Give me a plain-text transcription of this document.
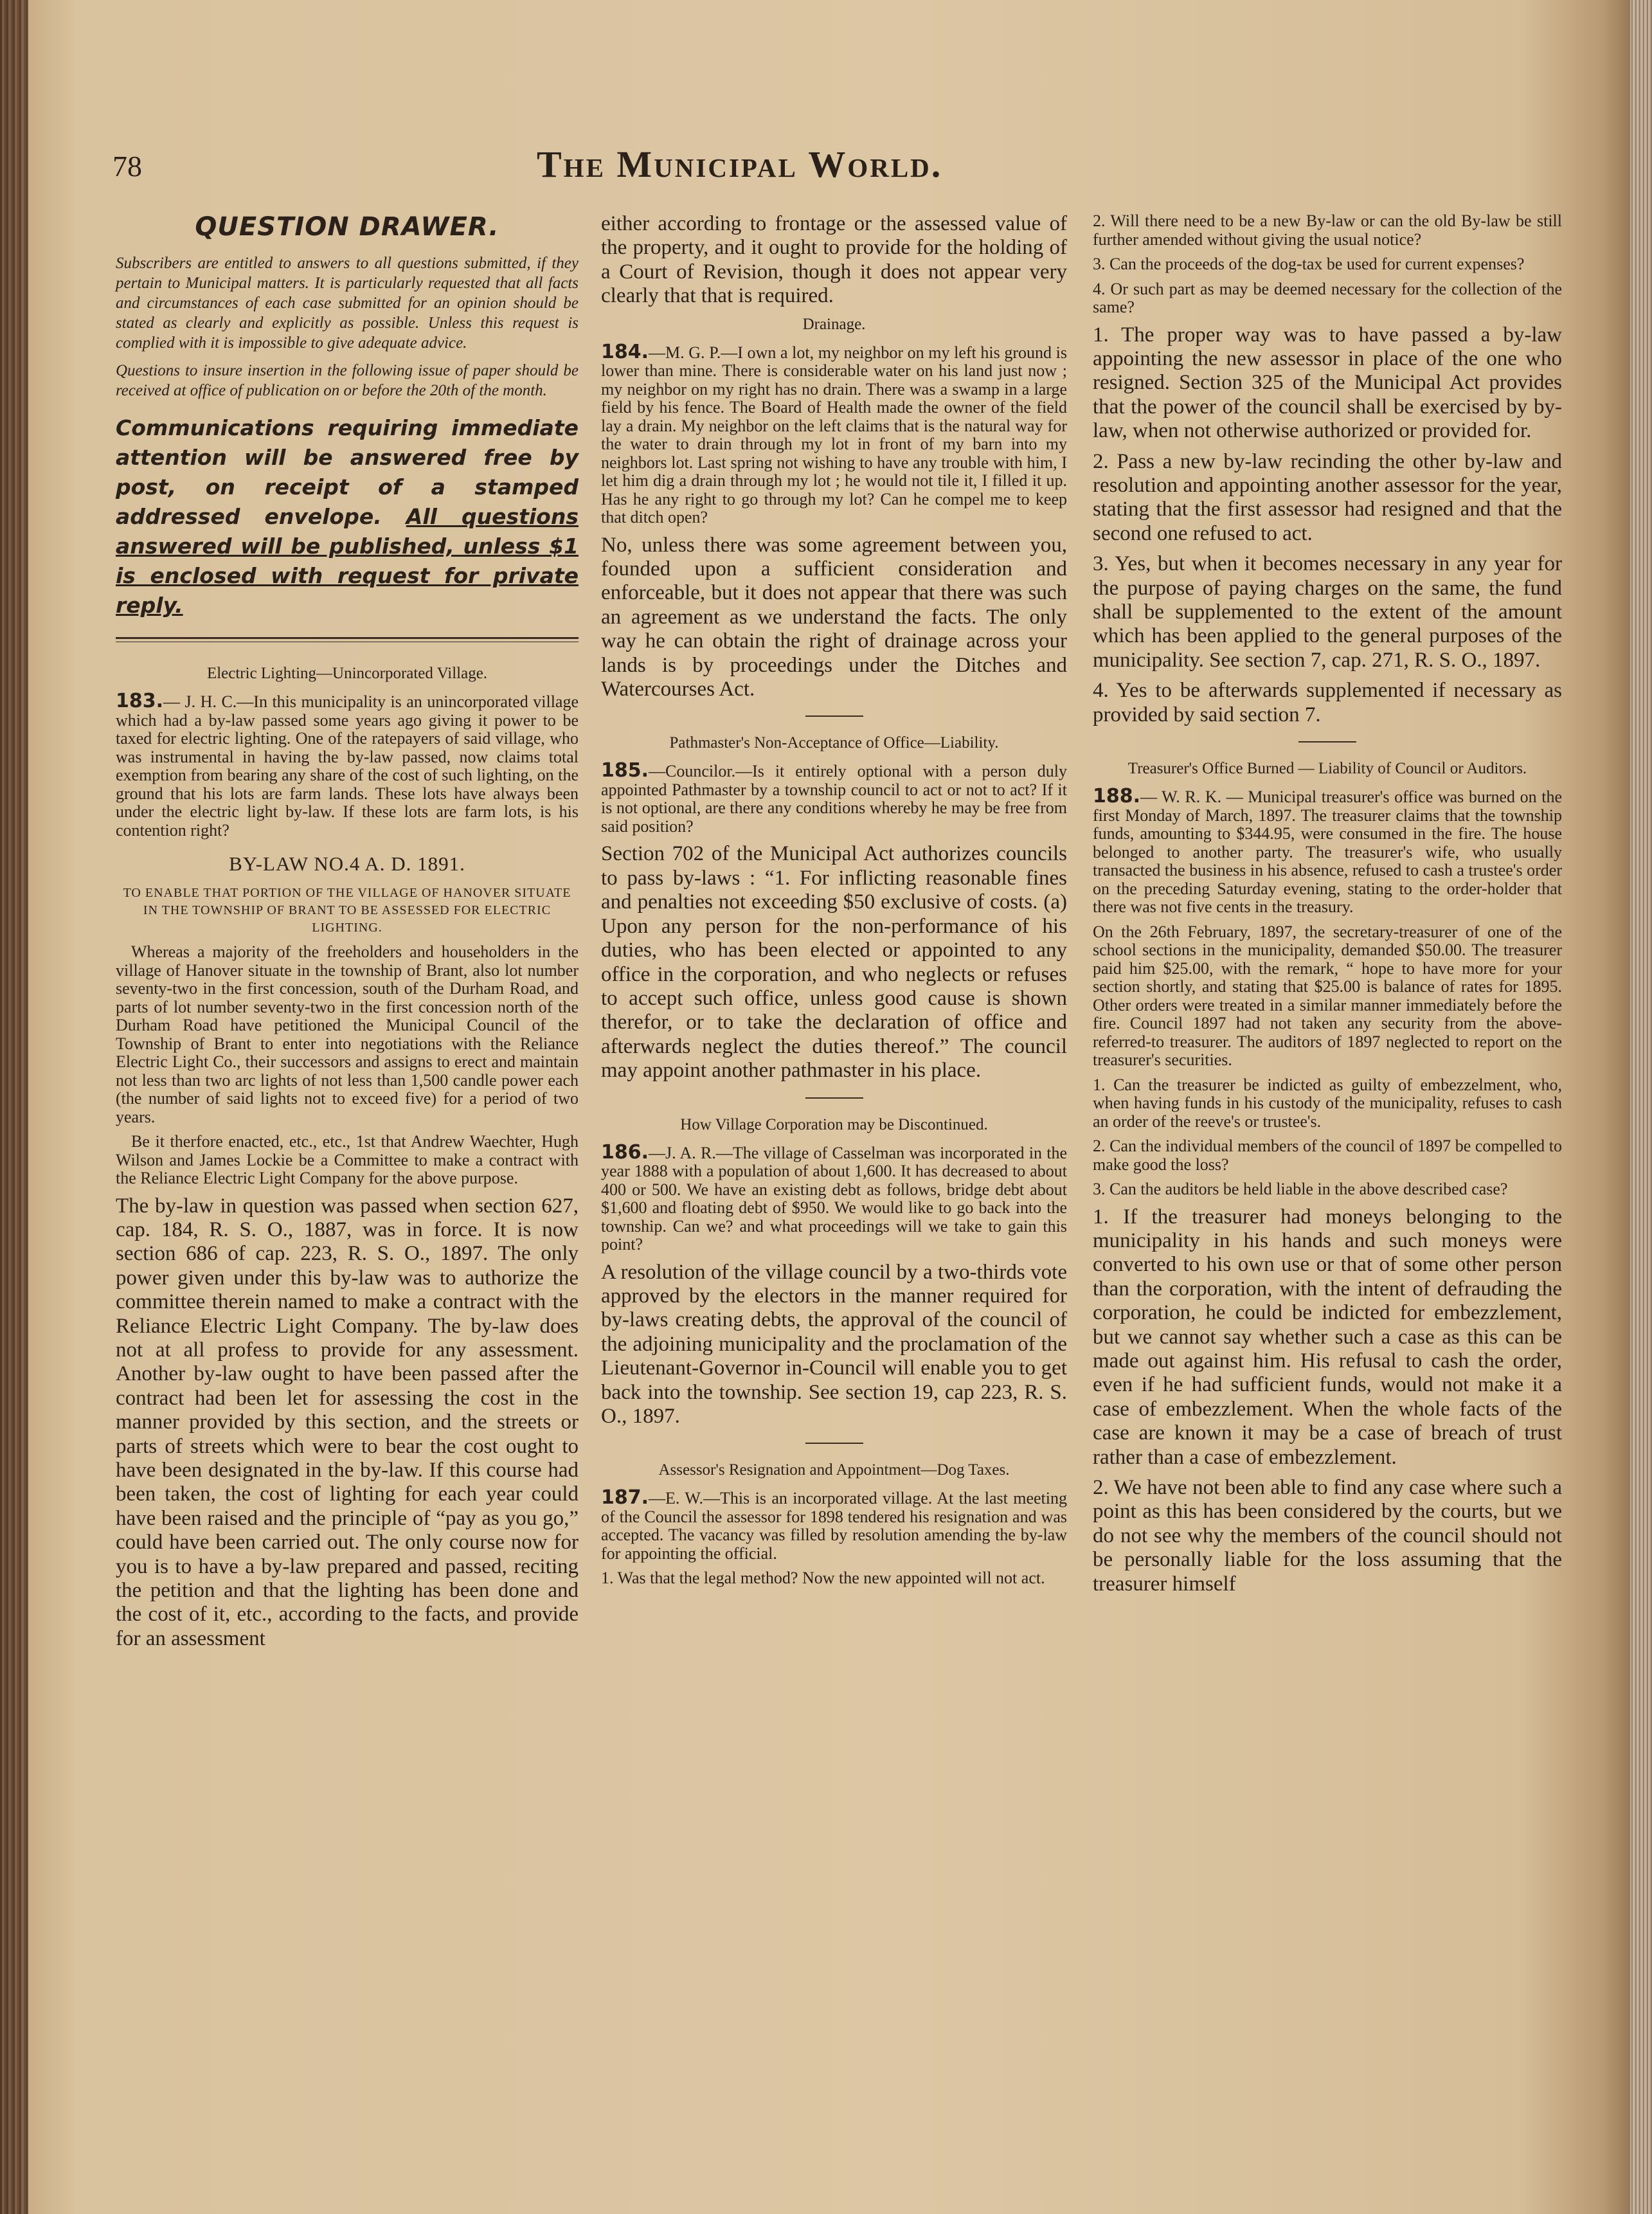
78	The Municipal World.
QUESTION DRAWER.

Subscribers are entitled to answers to all questions submitted, if they pertain to Municipal matters. It is particularly requested that all facts and circumstances of each case submitted for an opinion should be stated as clearly and explicitly as possible. Unless this request is complied with it is impossible to give adequate advice.

Questions to insure insertion in the following issue of paper should be received at office of publication on or before the 20th of the month.

Communications requiring immediate attention will be answered free by post, on receipt of a stamped addressed envelope. All questions answered will be published, unless $1 is enclosed with request for private reply.
Electric Lighting—Unincorporated Village.

183.— J. H. C.—In this municipality is an unincorporated village which had a by-law passed some years ago giving it power to be taxed for electric lighting. One of the ratepayers of said village, who was instrumental in having the by-law passed, now claims total exemption from bearing any share of the cost of such lighting, on the ground that his lots are farm lands. These lots have always been under the electric light by-law. If these lots are farm lots, is his contention right?

BY-LAW NO.4 A. D. 1891.
TO ENABLE THAT PORTION OF THE VILLAGE OF HANOVER SITUATE IN THE TOWNSHIP OF BRANT TO BE ASSESSED FOR ELECTRIC LIGHTING.

Whereas a majority of the freeholders and householders in the village of Hanover situate in the township of Brant, also lot number seventy-two in the first concession, south of the Durham Road, and parts of lot number seventy-two in the first concession north of the Durham Road have petitioned the Municipal Council of the Township of Brant to enter into negotiations with the Reliance Electric Light Co., their successors and assigns to erect and maintain not less than two arc lights of not less than 1,500 candle power each (the number of said lights not to exceed five) for a period of two years.

Be it therfore enacted, etc., etc., 1st that Andrew Waechter, Hugh Wilson and James Lockie be a Committee to make a contract with the Reliance Electric Light Company for the above purpose.

The by-law in question was passed when section 627, cap. 184, R. S. O., 1887, was in force. It is now section 686 of cap. 223, R. S. O., 1897. The only power given under this by-law was to authorize the committee therein named to make a contract with the Reliance Electric Light Company. The by-law does not at all profess to provide for any assessment. Another by-law ought to have been passed after the contract had been let for assessing the cost in the manner provided by this section, and the streets or parts of streets which were to bear the cost ought to have been designated in the by-law. If this course had been taken, the cost of lighting for each year could have been raised and the principle of “pay as you go,” could have been carried out. The only course now for you is to have a by-law prepared and passed, reciting the petition and that the lighting has been done and the cost of it, etc., according to the facts, and provide for an assessment

either according to frontage or the assessed value of the property, and it ought to provide for the holding of a Court of Revision, though it does not appear very clearly that that is required.

Drainage.

184.—M. G. P.—I own a lot, my neighbor on my left his ground is lower than mine. There is considerable water on his land just now ; my neighbor on my right has no drain. There was a swamp in a large field by his fence. The Board of Health made the owner of the field lay a drain. My neighbor on the left claims that is the natural way for the water to drain through my lot in front of my barn into my neighbors lot. Last spring not wishing to have any trouble with him, I let him dig a drain through my lot ; he would not tile it, I filled it up. Has he any right to go through my lot? Can he compel me to keep that ditch open?

No, unless there was some agreement between you, founded upon a sufficient consideration and enforceable, but it does not appear that there was such an agreement as we understand the facts. The only way he can obtain the right of drainage across your lands is by proceedings under the Ditches and Watercourses Act.

Pathmaster's Non-Acceptance of Office—Liability.

185.—Councilor.—Is it entirely optional with a person duly appointed Pathmaster by a township council to act or not to act? If it is not optional, are there any conditions whereby he may be free from said position?

Section 702 of the Municipal Act authorizes councils to pass by-laws : “1. For inflicting reasonable fines and penalties not exceeding $50 exclusive of costs. (a) Upon any person for the non-performance of his duties, who has been elected or appointed to any office in the corporation, and who neglects or refuses to accept such office, unless good cause is shown therefor, or to take the declaration of office and afterwards neglect the duties thereof.” The council may appoint another pathmaster in his place.

How Village Corporation may be Discontinued.

186.—J. A. R.—The village of Casselman was incorporated in the year 1888 with a population of about 1,600. It has decreased to about 400 or 500. We have an existing debt as follows, bridge debt about $1,600 and floating debt of $950. We would like to go back into the township. Can we? and what proceedings will we take to gain this point?

A resolution of the village council by a two-thirds vote approved by the electors in the manner required for by-laws creating debts, the approval of the council of the adjoining municipality and the proclamation of the Lieutenant-Governor in-Council will enable you to get back into the township. See section 19, cap 223, R. S. O., 1897.

Assessor's Resignation and Appointment—Dog Taxes.

187.—E. W.—This is an incorporated village. At the last meeting of the Council the assessor for 1898 tendered his resignation and was accepted. The vacancy was filled by resolution amending the by-law for appointing the official.

1. Was that the legal method? Now the new appointed will not act.

2. Will there need to be a new By-law or can the old By-law be still further amended without giving the usual notice?

3. Can the proceeds of the dog-tax be used for current expenses?

4. Or such part as may be deemed necessary for the collection of the same?

1. The proper way was to have passed a by-law appointing the new assessor in place of the one who resigned. Section 325 of the Municipal Act provides that the power of the council shall be exercised by by-law, when not otherwise authorized or provided for.

2. Pass a new by-law recinding the other by-law and resolution and appointing another assessor for the year, stating that the first assessor had resigned and that the second one refused to act.

3. Yes, but when it becomes necessary in any year for the purpose of paying charges on the same, the fund shall be supplemented to the extent of the amount which has been applied to the general purposes of the municipality. See section 7, cap. 271, R. S. O., 1897.

4. Yes to be afterwards supplemented if necessary as provided by said section 7.

Treasurer's Office Burned — Liability of Council or Auditors.

188.— W. R. K. — Municipal treasurer's office was burned on the first Monday of March, 1897. The treasurer claims that the township funds, amounting to $344.95, were consumed in the fire. The house belonged to another party. The treasurer's wife, who usually transacted the business in his absence, refused to cash a trustee's order on the preceding Saturday evening, stating to the order-holder that there was not five cents in the treasury.

On the 26th February, 1897, the secretary-treasurer of one of the school sections in the municipality, demanded $50.00. The treasurer paid him $25.00, with the remark, “ hope to have more for your section shortly, and stating that $25.00 is balance of rates for 1895. Other orders were treated in a similar manner immediately before the fire. Council 1897 had not taken any security from the above-referred-to treasurer. The auditors of 1897 neglected to report on the treasurer's securities.

1. Can the treasurer be indicted as guilty of embezzelment, who, when having funds in his custody of the municipality, refuses to cash an order of the reeve's or trustee's.

2. Can the individual members of the council of 1897 be compelled to make good the loss?

3. Can the auditors be held liable in the above described case?

1. If the treasurer had moneys belonging to the municipality in his hands and such moneys were converted to his own use or that of some other person than the corporation, with the intent of defrauding the corporation, he could be indicted for embezzlement, but we cannot say whether such a case as this can be made out against him. His refusal to cash the order, even if he had sufficient funds, would not make it a case of embezzlement. When the whole facts of the case are known it may be a case of breach of trust rather than a case of embezzlement.

2. We have not been able to find any case where such a point as this has been considered by the courts, but we do not see why the members of the council should not be personally liable for the loss assuming that the treasurer himself
